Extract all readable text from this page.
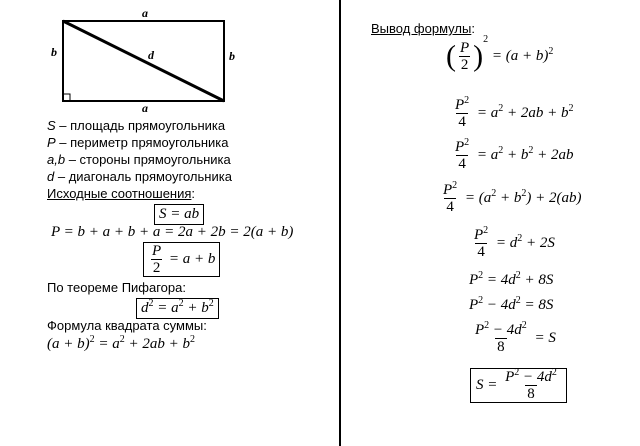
a
a
b	b
d
S – площадь прямоугольника
P – периметр прямоугольника
a,b – стороны прямоугольника
d – диагональ прямоугольника
Исходные соотношения:
S = ab
P = b + a + b + a = 2a + 2b = 2(a + b)
$\frac{P}{2} = a + b$
По теореме Пифагора:
$d^2 = a^2 + b^2$
Формула квадрата суммы:
$(a + b)^2 = a^2 + 2ab + b^2$
Вывод формулы:
( $\frac{P}{2} )^2 = (a + b)^2$
$\frac{P^2}{4} = a^2 + 2ab + b^2$
$\frac{P^2}{4} = a^2 + b^2 + 2ab$
$\frac{P^2}{4} = (a^2 + b^2) + 2(ab)$
$\frac{P^2}{4} = d^2 + 2S$
$P^2 = 4d^2 + 8S$
$P^2 - 4d^2 = 8S$
$\frac{P^2 - 4d^2}{8} = S$
$S = \frac{P^2 - 4d^2}{8}$
